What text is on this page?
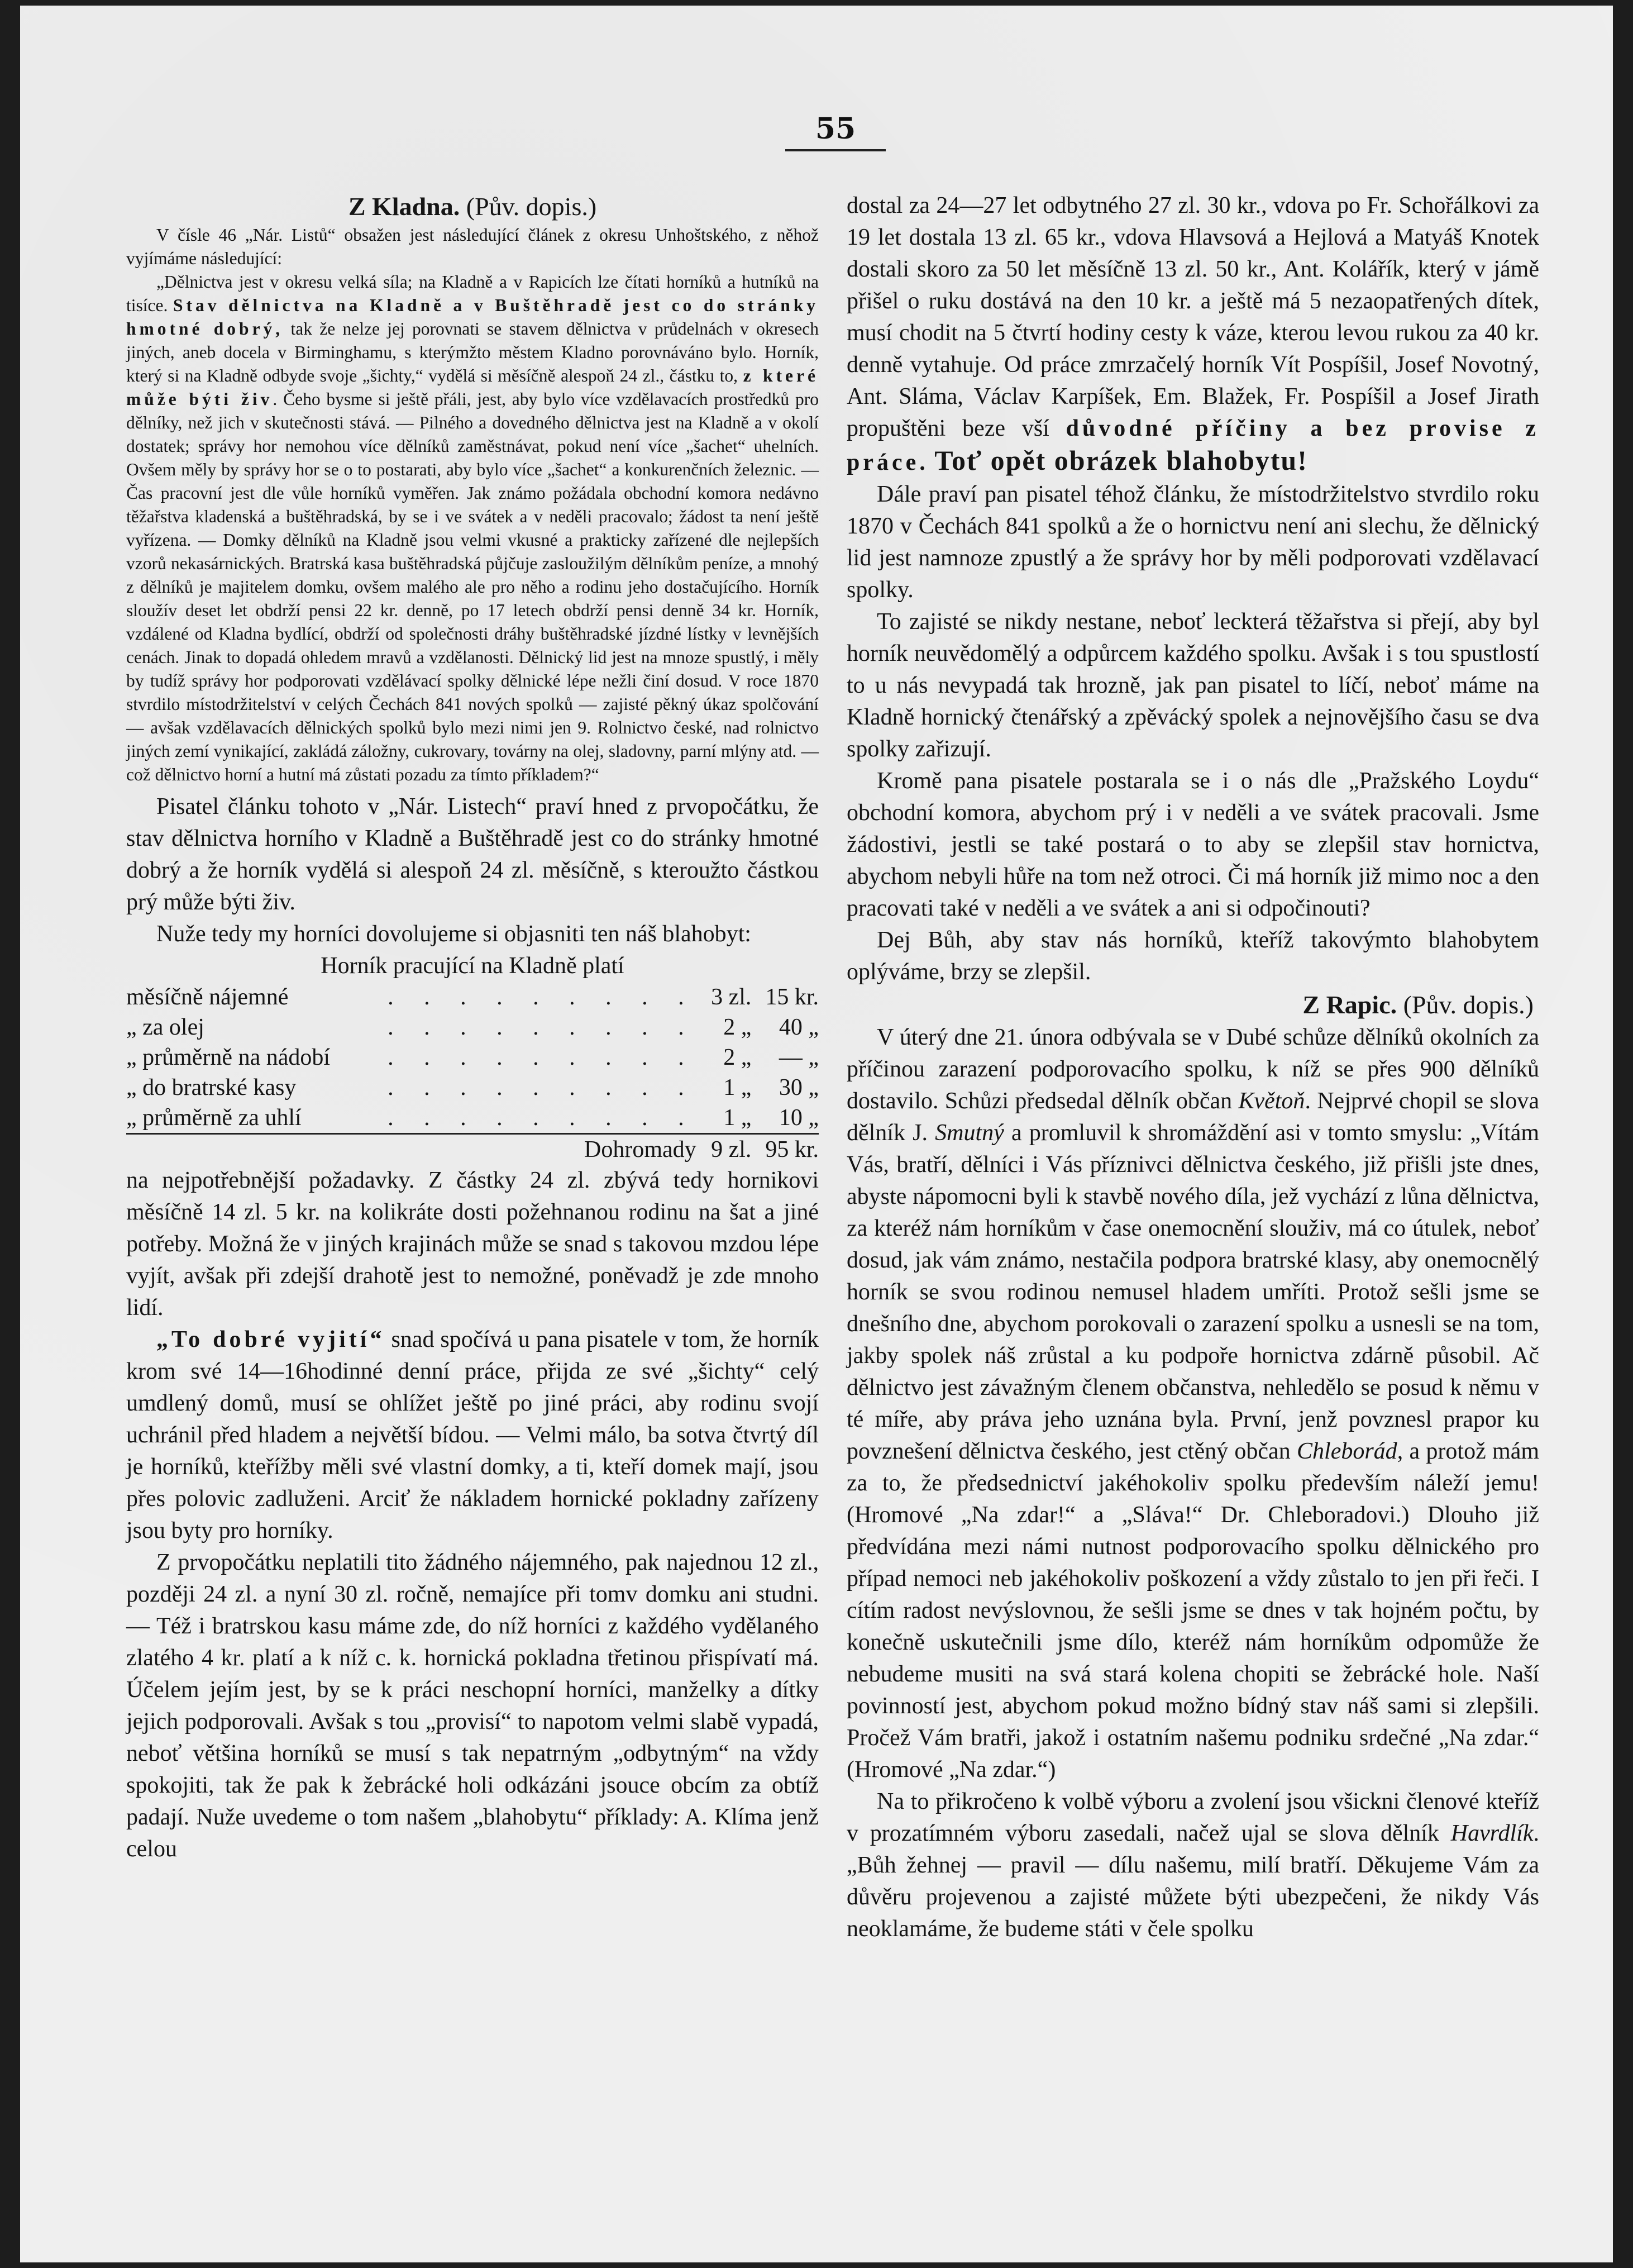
55

Z Kladna. (Pův. dopis.)

V čísle 46 „Nár. Listů“ obsažen jest následující článek z okresu Unhoštského, z něhož vyjímáme následující:

„Dělnictva jest v okresu velká síla; na Kladně a v Rapicích lze čítati horníků a hutníků na tisíce. Stav dělnictva na Kladně a v Buštěhradě jest co do stránky hmotné dobrý, tak že nelze jej porovnati se stavem dělnictva v průdelnách v okresech jiných, aneb docela v Birminghamu, s kterýmžto městem Kladno porovnáváno bylo. Horník, který si na Kladně odbyde svoje „šichty,“ vydělá si měsíčně alespoň 24 zl., částku to, z které může býti živ. Čeho bysme si ještě přáli, jest, aby bylo více vzdělavacích prostředků pro dělníky, než jich v skutečnosti stává. — Pilného a dovedného dělnictva jest na Kladně a v okolí dostatek; správy hor nemohou více dělníků zaměstnávat, pokud není více „šachet“ uhelních. Ovšem měly by správy hor se o to postarati, aby bylo více „šachet“ a konkurenčních železnic. — Čas pracovní jest dle vůle horníků vyměřen. Jak známo požádala obchodní komora nedávno těžařstva kladenská a buštěhradská, by se i ve svátek a v neděli pracovalo; žádost ta není ještě vyřízena. — Domky dělníků na Kladně jsou velmi vkusné a prakticky zařízené dle nejlepších vzorů nekasárnických. Bratrská kasa buštěhradská půjčuje zasloužilým dělníkům peníze, a mnohý z dělníků je majitelem domku, ovšem malého ale pro něho a rodinu jeho dostačujícího. Horník sloužív deset let obdrží pensi 22 kr. denně, po 17 letech obdrží pensi denně 34 kr. Horník, vzdálené od Kladna bydlící, obdrží od společnosti dráhy buštěhradské jízdné lístky v levnějších cenách. Jinak to dopadá ohledem mravů a vzdělanosti. Dělnický lid jest na mnoze spustlý, i měly by tudíž správy hor podporovati vzdělávací spolky dělnické lépe nežli činí dosud. V roce 1870 stvrdilo místodržitelství v celých Čechách 841 nových spolků — zajisté pěkný úkaz spolčování — avšak vzdělavacích dělnických spolků bylo mezi nimi jen 9. Rolnictvo české, nad rolnictvo jiných zemí vynikající, zakládá záložny, cukrovary, továrny na olej, sladovny, parní mlýny atd. — což dělnictvo horní a hutní má zůstati pozadu za tímto příkladem?“

Pisatel článku tohoto v „Nár. Listech“ praví hned z prvopočátku, že stav dělnictva horního v Kladně a Buštěhradě jest co do stránky hmotné dobrý a že horník vydělá si alespoň 24 zl. měsíčně, s kteroužto částkou prý může býti živ.

Nuže tedy my horníci dovolujeme si objasniti ten náš blahobyt:

Horník pracující na Kladně platí

měsíčně nájemné	. . . . . . . . .	3 zl.	15 kr.
„ za olej	. . . . . . . . .	2 „	40 „
„ průměrně na nádobí	. . . . . . . . .	2 „	— „
„ do bratrské kasy	. . . . . . . . .	1 „	30 „
„ průměrně za uhlí	. . . . . . . . .	1 „	10 „
	Dohromady	9 zl.	95 kr.

na nejpotřebnější požadavky. Z částky 24 zl. zbývá tedy hornikovi měsíčně 14 zl. 5 kr. na kolikráte dosti požehnanou rodinu na šat a jiné potřeby. Možná že v jiných krajinách může se snad s takovou mzdou lépe vyjít, avšak při zdejší drahotě jest to nemožné, poněvadž je zde mnoho lidí.

„To dobré vyjití“ snad spočívá u pana pisatele v tom, že horník krom své 14—16hodinné denní práce, přijda ze své „šichty“ celý umdlený domů, musí se ohlížet ještě po jiné práci, aby rodinu svojí uchránil před hladem a největší bídou. — Velmi málo, ba sotva čtvrtý díl je horníků, kteřížby měli své vlastní domky, a ti, kteří domek mají, jsou přes polovic zadluženi. Arciť že nákladem hornické pokladny zařízeny jsou byty pro horníky.

Z prvopočátku neplatili tito žádného nájemného, pak najednou 12 zl., později 24 zl. a nyní 30 zl. ročně, nemajíce při tomv domku ani studni. — Též i bratrskou kasu máme zde, do níž horníci z každého vydělaného zlatého 4 kr. platí a k níž c. k. hornická pokladna třetinou přispívatí má. Účelem jejím jest, by se k práci neschopní horníci, manželky a dítky jejich podporovali. Avšak s tou „provisí“ to napotom velmi slabě vypadá, neboť většina horníků se musí s tak nepatrným „odbytným“ na vždy spokojiti, tak že pak k žebrácké holi odkázáni jsouce obcím za obtíž padají. Nuže uvedeme o tom našem „blahobytu“ příklady: A. Klíma jenž celou

dostal za 24—27 let odbytného 27 zl. 30 kr., vdova po Fr. Schořálkovi za 19 let dostala 13 zl. 65 kr., vdova Hlavsová a Hejlová a Matyáš Knotek dostali skoro za 50 let měsíčně 13 zl. 50 kr., Ant. Kolářík, který v jámě přišel o ruku dostává na den 10 kr. a ještě má 5 nezaopatřených dítek, musí chodit na 5 čtvrtí hodiny cesty k váze, kterou levou rukou za 40 kr. denně vytahuje. Od práce zmrzačelý horník Vít Pospíšil, Josef Novotný, Ant. Sláma, Václav Karpíšek, Em. Blažek, Fr. Pospíšil a Josef Jirath propuštěni beze vší důvodné příčiny a bez provise z práce. Toť opět obrázek blahobytu!

Dále praví pan pisatel téhož článku, že místodržitelstvo stvrdilo roku 1870 v Čechách 841 spolků a že o hornictvu není ani slechu, že dělnický lid jest namnoze zpustlý a že správy hor by měli podporovati vzdělavací spolky.

To zajisté se nikdy nestane, neboť leckterá těžařstva si přejí, aby byl horník neuvědomělý a odpůrcem každého spolku. Avšak i s tou spustlostí to u nás nevypadá tak hrozně, jak pan pisatel to líčí, neboť máme na Kladně hornický čtenářský a zpěvácký spolek a nejnovějšího času se dva spolky zařizují.

Kromě pana pisatele postarala se i o nás dle „Pražského Loydu“ obchodní komora, abychom prý i v neděli a ve svátek pracovali. Jsme žádostivi, jestli se také postará o to aby se zlepšil stav hornictva, abychom nebyli hůře na tom než otroci. Či má horník již mimo noc a den pracovati také v neděli a ve svátek a ani si odpočinouti?

Dej Bůh, aby stav nás horníků, kteříž takovýmto blahobytem oplýváme, brzy se zlepšil.

Z Rapic. (Pův. dopis.)

V úterý dne 21. února odbývala se v Dubé schůze dělníků okolních za příčinou zarazení podporovacího spolku, k níž se přes 900 dělníků dostavilo. Schůzi předsedal dělník občan Květoň. Nejprvé chopil se slova dělník J. Smutný a promluvil k shromáždění asi v tomto smyslu: „Vítám Vás, bratří, dělníci i Vás příznivci dělnictva českého, již přišli jste dnes, abyste nápomocni byli k stavbě nového díla, jež vychází z lůna dělnictva, za kteréž nám horníkům v čase onemocnění slouživ, má co útulek, neboť dosud, jak vám známo, nestačila podpora bratrské klasy, aby onemocnělý horník se svou rodinou nemusel hladem umříti. Protož sešli jsme se dnešního dne, abychom porokovali o zarazení spolku a usnesli se na tom, jakby spolek náš zrůstal a ku podpoře hornictva zdárně působil. Ač dělnictvo jest závažným členem občanstva, nehledělo se posud k němu v té míře, aby práva jeho uznána byla. První, jenž povznesl prapor ku povznešení dělnictva českého, jest ctěný občan Chleborád, a protož mám za to, že předsednictví jakéhokoliv spolku především náleží jemu! (Hromové „Na zdar!“ a „Sláva!“ Dr. Chleboradovi.) Dlouho již předvídána mezi námi nutnost podporovacího spolku dělnického pro případ nemoci neb jakéhokoliv poškození a vždy zůstalo to jen při řeči. I cítím radost nevýslovnou, že sešli jsme se dnes v tak hojném počtu, by konečně uskutečnili jsme dílo, kteréž nám horníkům odpomůže že nebudeme musiti na svá stará kolena chopiti se žebrácké hole. Naší povinností jest, abychom pokud možno bídný stav náš sami si zlepšili. Pročež Vám bratři, jakož i ostatním našemu podniku srdečné „Na zdar.“ (Hromové „Na zdar.“)

Na to přikročeno k volbě výboru a zvolení jsou všickni členové kteříž v prozatímném výboru zasedali, načež ujal se slova dělník Havrdlík. „Bůh žehnej — pravil — dílu našemu, milí bratří. Děkujeme Vám za důvěru projevenou a zajisté můžete býti ubezpečeni, že nikdy Vás neoklamáme, že budeme státi v čele spolku
